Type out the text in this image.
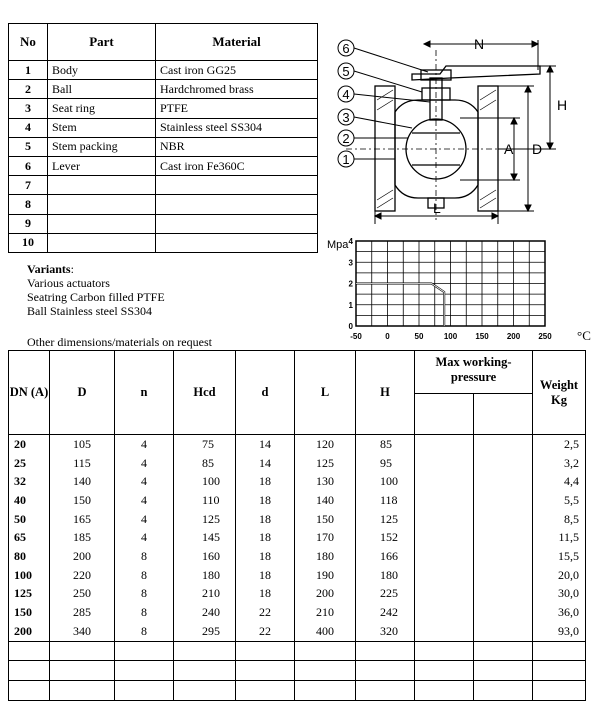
No	Part	Material
1	Body	Cast iron GG25
2	Ball	Hardchromed brass
3	Seat ring	PTFE
4	Stem	Stainless steel SS304
5	Stem packing	NBR
6	Lever	Cast iron Fe360C
7		
8		
9		
10		
N
H
A D
L
6
5
4
3
2
1
Mpa
°C
-50	0	50	100 150 200 250
0
1
2
3
4
Variants:
Various actuators
Seatring Carbon filled PTFE
Ball Stainless steel SS304
Other dimensions/materials on request
DN (A)	D	n	Hcd	d	L	H	Max working-pressure		Weight Kg

20	105	4	75	14	120	85			2,5
25	115	4	85	14	125	95			3,2
32	140	4	100	18	130	100			4,4
40	150	4	110	18	140	118			5,5
50	165	4	125	18	150	125			8,5
65	185	4	145	18	170	152			11,5
80	200	8	160	18	180	166			15,5
100	220	8	180	18	190	180			20,0
125	250	8	210	18	200	225			30,0
150	285	8	240	22	210	242			36,0
200	340	8	295	22	400	320			93,0
